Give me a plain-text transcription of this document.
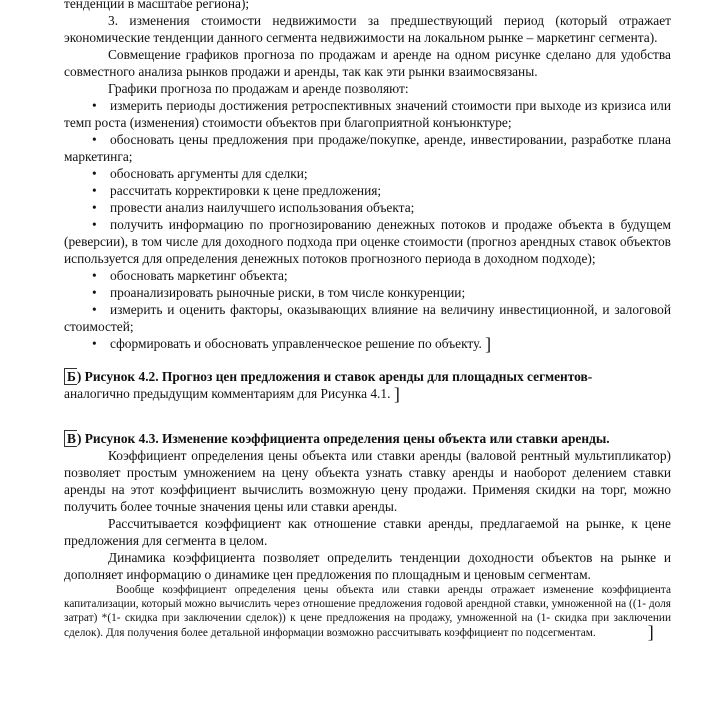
тенденции в масштабе региона);

3. изменения стоимости недвижимости за предшествующий период (который отражает экономические тенденции данного сегмента недвижимости на локальном рынке – маркетинг сегмента).

Совмещение графиков прогноза по продажам и аренде на одном рисунке сделано для удобства совместного анализа рынков продажи и аренды, так как эти рынки взаимосвязаны.

Графики прогноза по продажам и аренде позволяют:

• измерить периоды достижения ретроспективных значений стоимости при выходе из кризиса или темп роста (изменения) стоимости объектов при благоприятной конъюнктуре;

• обосновать цены предложения при продаже/покупке, аренде, инвестировании, разработке плана маркетинга;

• обосновать аргументы для сделки;

• рассчитать корректировки к цене предложения;

• провести анализ наилучшего использования объекта;

• получить информацию по прогнозированию денежных потоков и продаже объекта в будущем (реверсии), в том числе для доходного подхода при оценке стоимости (прогноз арендных ставок объектов используется для определения денежных потоков прогнозного периода в доходном подходе);

• обосновать маркетинг объекта;

• проанализировать рыночные риски, в том числе конкуренции;

• измерить и оценить факторы, оказывающих влияние на величину инвестиционной, и залоговой стоимостей;

• сформировать и обосновать управленческое решение по объекту. ]

Б) Рисунок 4.2. Прогноз цен предложения и ставок аренды для площадных сегментов-

аналогично предыдущим комментариям для Рисунка 4.1. ]

В) Рисунок 4.3. Изменение коэффициента определения цены объекта или ставки аренды.

Коэффициент определения цены объекта или ставки аренды (валовой рентный мультипликатор) позволяет простым умножением на цену объекта узнать ставку аренды и наоборот делением ставки аренды на этот коэффициент вычислить возможную цену продажи. Применяя скидки на торг, можно получить более точные значения цены или ставки аренды.

Рассчитывается коэффициент как отношение ставки аренды, предлагаемой на рынке, к цене предложения для сегмента в целом.

Динамика коэффициента позволяет определить тенденции доходности объектов на рынке и дополняет информацию о динамике цен предложения по площадным и ценовым сегментам.

Вообще коэффициент определения цены объекта или ставки аренды отражает изменение коэффициента капитализации, который можно вычислить через отношение предложения годовой арендной ставки, умноженной на ((1- доля затрат) *(1- скидка при заключении сделок)) к цене предложения на продажу, умноженной на (1- скидка при заключении сделок). Для получения более детальной информации возможно рассчитывать коэффициент по подсегментам.	]
